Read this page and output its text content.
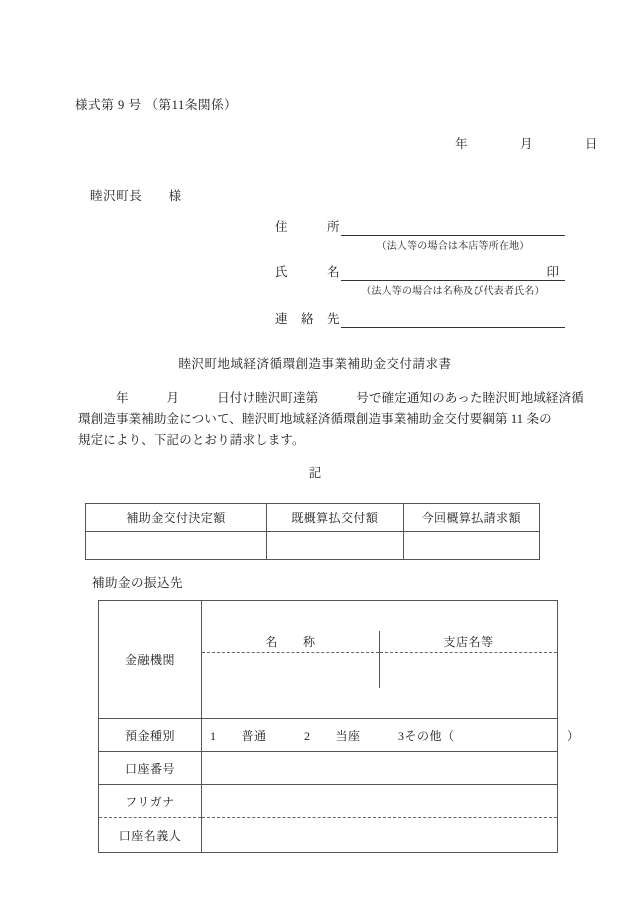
様式第 9 号 （第11条関係）
年　　　　月　　　　日
睦沢町長　　様
住　　　所
（法人等の場合は本店等所在地）
氏　　　名	印
（法人等の場合は名称及び代表者氏名）
連　絡　先
睦沢町地域経済循環創造事業補助金交付請求書
　　　年　　　月　　　日付け睦沢町達第　　　号で確定通知のあった睦沢町地域経済循
環創造事業補助金について、睦沢町地域経済循環創造事業補助金交付要綱第 11 条の
規定により、下記のとおり請求します。
記
補助金交付決定額	既概算払交付額	今回概算払請求額

補助金の振込先
金融機関	

名　　称	支店名等

預金種別	1　　普通　　　2　　当座　　　3その他（　　　　　　　　　）
口座番号	
フリガナ	
口座名義人	
